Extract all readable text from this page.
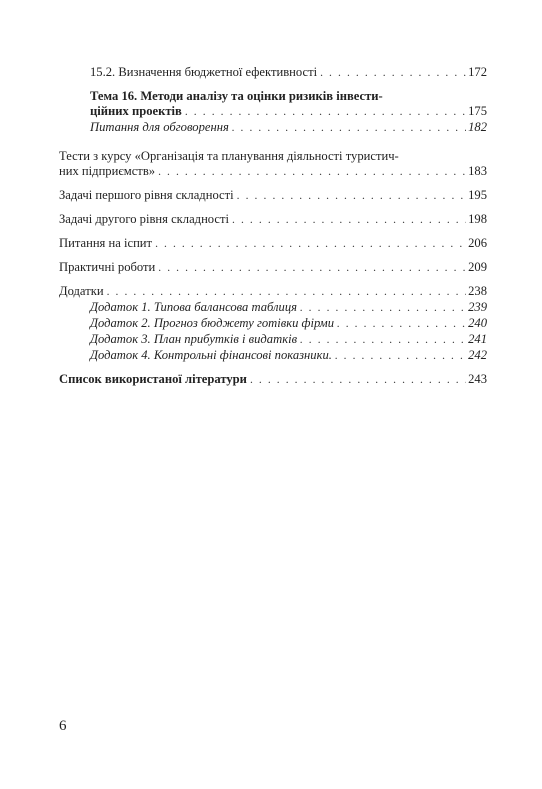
15.2. Визначення бюджетної ефективності . . .	172
Тема 16. Методи аналізу та оцінки ризиків інвести-
ційних проектів . . .	175
Питання для обговорення . . .	182
Тести з курсу «Організація та планування діяльності туристич-
них підприємств» . . .	183
Задачі першого рівня складності . . .	195
Задачі другого рівня складності . . .	198
Питання на іспит . . .	206
Практичні роботи . . .	209
Додатки . . .	238
Додаток 1. Типова балансова таблиця . . .	239
Додаток 2. Прогноз бюджету готівки фірми . . .	240
Додаток 3. План прибутків і видатків . . .	241
Додаток 4. Контрольні фінансові показники. . . .	242
Список використаної літератури . . .	243
6
